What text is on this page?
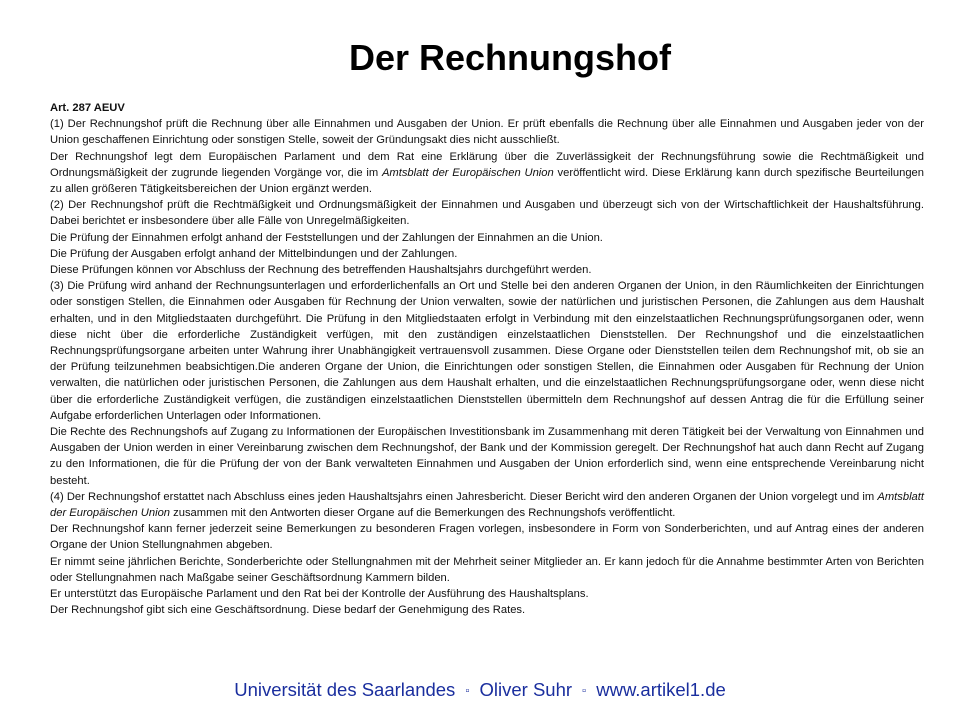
Der Rechnungshof

Art. 287 AEUV

(1) Der Rechnungshof prüft die Rechnung über alle Einnahmen und Ausgaben der Union. Er prüft ebenfalls die Rechnung über alle Einnahmen und Ausgaben jeder von der Union geschaffenen Einrichtung oder sonstigen Stelle, soweit der Gründungsakt dies nicht ausschließt.

Der Rechnungshof legt dem Europäischen Parlament und dem Rat eine Erklärung über die Zuverlässigkeit der Rechnungsführung sowie die Rechtmäßigkeit und Ordnungsmäßigkeit der zugrunde liegenden Vorgänge vor, die im Amtsblatt der Europäischen Union veröffentlicht wird. Diese Erklärung kann durch spezifische Beurteilungen zu allen größeren Tätigkeitsbereichen der Union ergänzt werden.

(2) Der Rechnungshof prüft die Rechtmäßigkeit und Ordnungsmäßigkeit der Einnahmen und Ausgaben und überzeugt sich von der Wirtschaftlichkeit der Haushaltsführung. Dabei berichtet er insbesondere über alle Fälle von Unregelmäßigkeiten.

Die Prüfung der Einnahmen erfolgt anhand der Feststellungen und der Zahlungen der Einnahmen an die Union.

Die Prüfung der Ausgaben erfolgt anhand der Mittelbindungen und der Zahlungen.

Diese Prüfungen können vor Abschluss der Rechnung des betreffenden Haushaltsjahrs durchgeführt werden.

(3) Die Prüfung wird anhand der Rechnungsunterlagen und erforderlichenfalls an Ort und Stelle bei den anderen Organen der Union, in den Räumlichkeiten der Einrichtungen oder sonstigen Stellen, die Einnahmen oder Ausgaben für Rechnung der Union verwalten, sowie der natürlichen und juristischen Personen, die Zahlungen aus dem Haushalt erhalten, und in den Mitgliedstaaten durchgeführt. Die Prüfung in den Mitgliedstaaten erfolgt in Verbindung mit den einzelstaatlichen Rechnungsprüfungsorganen oder, wenn diese nicht über die erforderliche Zuständigkeit verfügen, mit den zuständigen einzelstaatlichen Dienststellen. Der Rechnungshof und die einzelstaatlichen Rechnungsprüfungsorgane arbeiten unter Wahrung ihrer Unabhängigkeit vertrauensvoll zusammen. Diese Organe oder Dienststellen teilen dem Rechnungshof mit, ob sie an der Prüfung teilzunehmen beabsichtigen.Die anderen Organe der Union, die Einrichtungen oder sonstigen Stellen, die Einnahmen oder Ausgaben für Rechnung der Union verwalten, die natürlichen oder juristischen Personen, die Zahlungen aus dem Haushalt erhalten, und die einzelstaatlichen Rechnungsprüfungsorgane oder, wenn diese nicht über die erforderliche Zuständigkeit verfügen, die zuständigen einzelstaatlichen Dienststellen übermitteln dem Rechnungshof auf dessen Antrag die für die Erfüllung seiner Aufgabe erforderlichen Unterlagen oder Informationen.

Die Rechte des Rechnungshofs auf Zugang zu Informationen der Europäischen Investitionsbank im Zusammenhang mit deren Tätigkeit bei der Verwaltung von Einnahmen und Ausgaben der Union werden in einer Vereinbarung zwischen dem Rechnungshof, der Bank und der Kommission geregelt. Der Rechnungshof hat auch dann Recht auf Zugang zu den Informationen, die für die Prüfung der von der Bank verwalteten Einnahmen und Ausgaben der Union erforderlich sind, wenn eine entsprechende Vereinbarung nicht besteht.

(4) Der Rechnungshof erstattet nach Abschluss eines jeden Haushaltsjahrs einen Jahresbericht. Dieser Bericht wird den anderen Organen der Union vorgelegt und im Amtsblatt der Europäischen Union zusammen mit den Antworten dieser Organe auf die Bemerkungen des Rechnungshofs veröffentlicht.

Der Rechnungshof kann ferner jederzeit seine Bemerkungen zu besonderen Fragen vorlegen, insbesondere in Form von Sonderberichten, und auf Antrag eines der anderen Organe der Union Stellungnahmen abgeben.

Er nimmt seine jährlichen Berichte, Sonderberichte oder Stellungnahmen mit der Mehrheit seiner Mitglieder an. Er kann jedoch für die Annahme bestimmter Arten von Berichten oder Stellungnahmen nach Maßgabe seiner Geschäftsordnung Kammern bilden.

Er unterstützt das Europäische Parlament und den Rat bei der Kontrolle der Ausführung des Haushaltsplans.

Der Rechnungshof gibt sich eine Geschäftsordnung. Diese bedarf der Genehmigung des Rates.

Universität des Saarlandes ▫ Oliver Suhr ▫ www.artikel1.de
